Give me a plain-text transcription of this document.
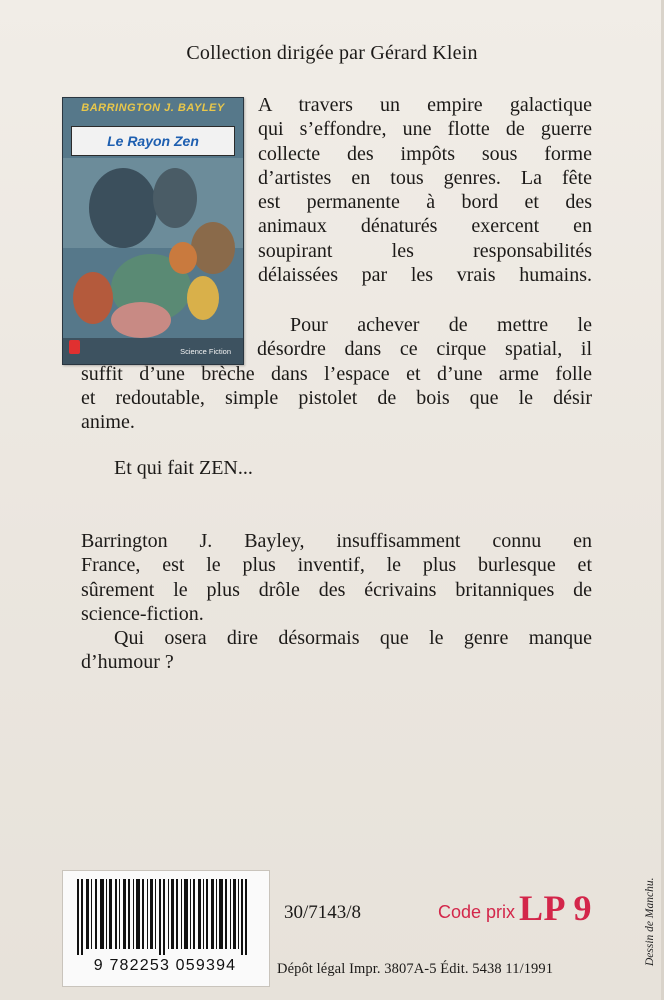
Collection dirigée par Gérard Klein
BARRINGTON J. BAYLEY
Le Rayon Zen
Science Fiction
A travers un empire galactique
qui s’effondre, une flotte de guerre
collecte des impôts sous forme
d’artistes en tous genres. La fête
est permanente à bord et des
animaux dénaturés exercent en
soupirant les responsabilités
délaissées par les vrais humains.
Pour achever de mettre le
désordre dans ce cirque spatial, il
suffit d’une brèche dans l’espace et d’une arme folle
et redoutable, simple pistolet de bois que le désir
anime.
Et qui fait ZEN...
Barrington J. Bayley, insuffisamment connu en
France, est le plus inventif, le plus burlesque et
sûrement le plus drôle des écrivains britanniques de
science-fiction.
Qui osera dire désormais que le genre manque
d’humour ?
9 782253 059394
30/7143/8	Code prix LP 9
Dépôt légal Impr. 3807A-5 Édit. 5438 11/1991
Dessin de Manchu.
